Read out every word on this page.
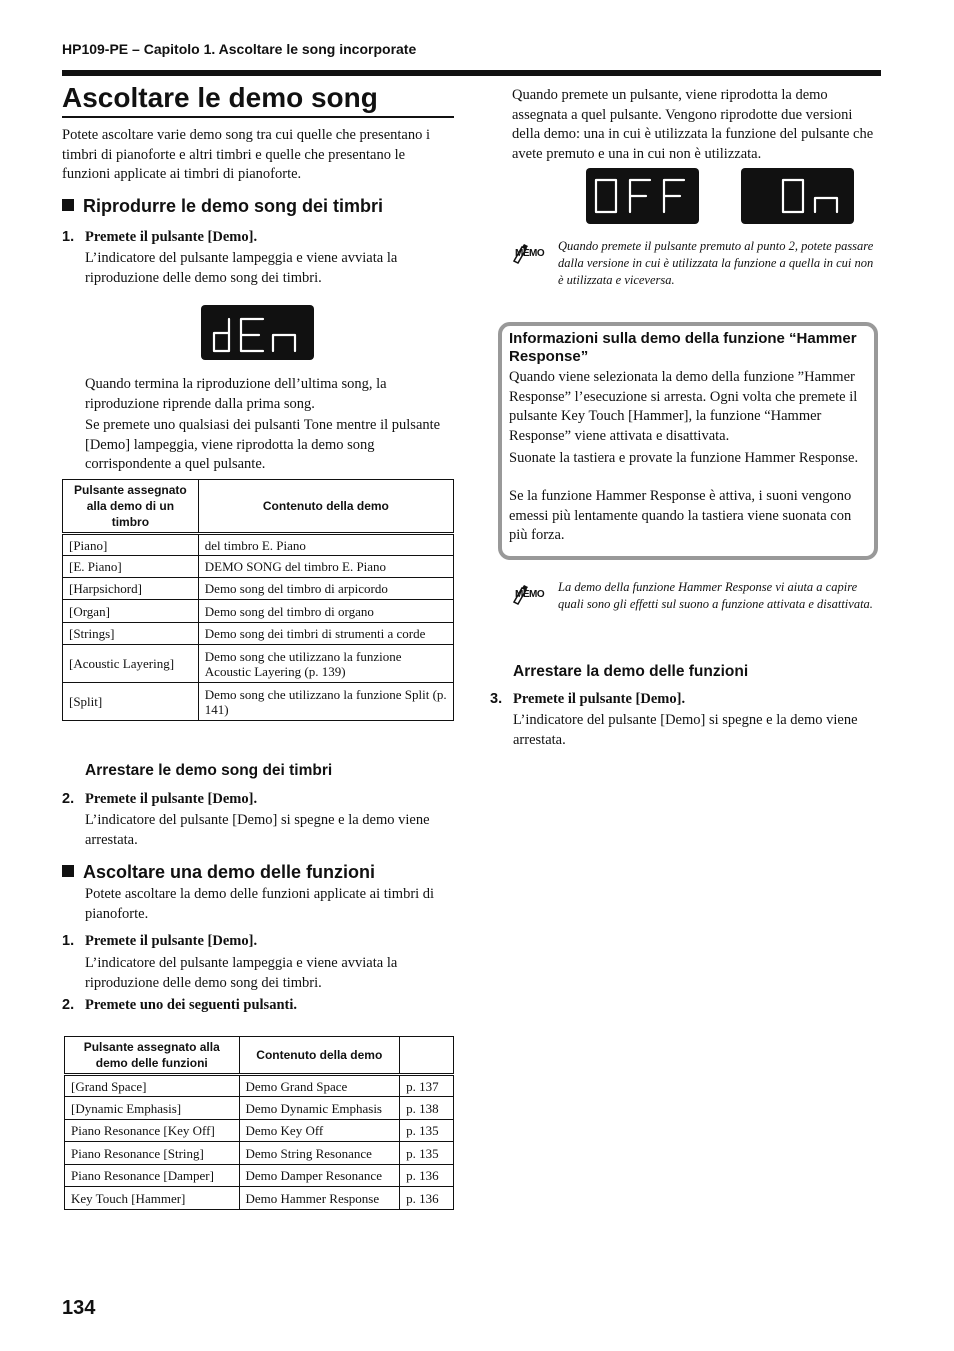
HP109-PE – Capitolo 1. Ascoltare le song incorporate
Ascoltare le demo song
Potete ascoltare varie demo song tra cui quelle che presentano i timbri di pianoforte e altri timbri e quelle che presentano le funzioni applicate ai timbri di pianoforte.
Riprodurre le demo song dei timbri
1. Premete il pulsante [Demo].
L’indicatore del pulsante lampeggia e viene avviata la riproduzione delle demo song dei timbri.
Quando termina la riproduzione dell’ultima song, la riproduzione riprende dalla prima song.
Se premete uno qualsiasi dei pulsanti Tone mentre il pulsante [Demo] lampeggia, viene riprodotta la demo song corrispondente a quel pulsante.
Pulsante assegnato alla demo di un timbro	Contenuto della demo
[Piano]	del timbro E. Piano
[E. Piano]	DEMO SONG del timbro E. Piano
[Harpsichord]	Demo song del timbro di arpicordo
[Organ]	Demo song del timbro di organo
[Strings]	Demo song dei timbri di strumenti a corde
[Acoustic Layering]	Demo song che utilizzano la funzione Acoustic Layering (p. 139)
[Split]	Demo song che utilizzano la funzione Split (p. 141)
Arrestare le demo song dei timbri
2. Premete il pulsante [Demo].
L’indicatore del pulsante [Demo] si spegne e la demo viene arrestata.
Ascoltare una demo delle funzioni
Potete ascoltare la demo delle funzioni applicate ai timbri di pianoforte.
1. Premete il pulsante [Demo].
L’indicatore del pulsante lampeggia e viene avviata la riproduzione delle demo song dei timbri.
2. Premete uno dei seguenti pulsanti.
Pulsante assegnato alla demo delle funzioni	Contenuto della demo	
[Grand Space]	Demo Grand Space	p. 137
[Dynamic Emphasis]	Demo Dynamic Emphasis	p. 138
Piano Resonance [Key Off]	Demo Key Off	p. 135
Piano Resonance [String]	Demo String Resonance	p. 135
Piano Resonance [Damper]	Demo Damper Resonance	p. 136
Key Touch [Hammer]	Demo Hammer Response	p. 136
Quando premete un pulsante, viene riprodotta la demo assegnata a quel pulsante. Vengono riprodotte due versioni della demo: una in cui è utilizzata la funzione del pulsante che avete premuto e una in cui non è utilizzata.
MEMO
Quando premete il pulsante premuto al punto 2, potete passare dalla versione in cui è utilizzata la funzione a quella in cui non è utilizzata e viceversa.
Informazioni sulla demo della funzione “Hammer Response”
Quando viene selezionata la demo della funzione ”Hammer Response” l’esecuzione si arresta. Ogni volta che premete il pulsante Key Touch [Hammer], la funzione “Hammer Response” viene attivata e disattivata.
Suonate la tastiera e provate la funzione Hammer Response.
Se la funzione Hammer Response è attiva, i suoni vengono emessi più lentamente quando la tastiera viene suonata con più forza.
MEMO
La demo della funzione Hammer Response vi aiuta a capire quali sono gli effetti sul suono a funzione attivata e disattivata.
Arrestare la demo delle funzioni
3. Premete il pulsante [Demo].
L’indicatore del pulsante [Demo] si spegne e la demo viene arrestata.
134
